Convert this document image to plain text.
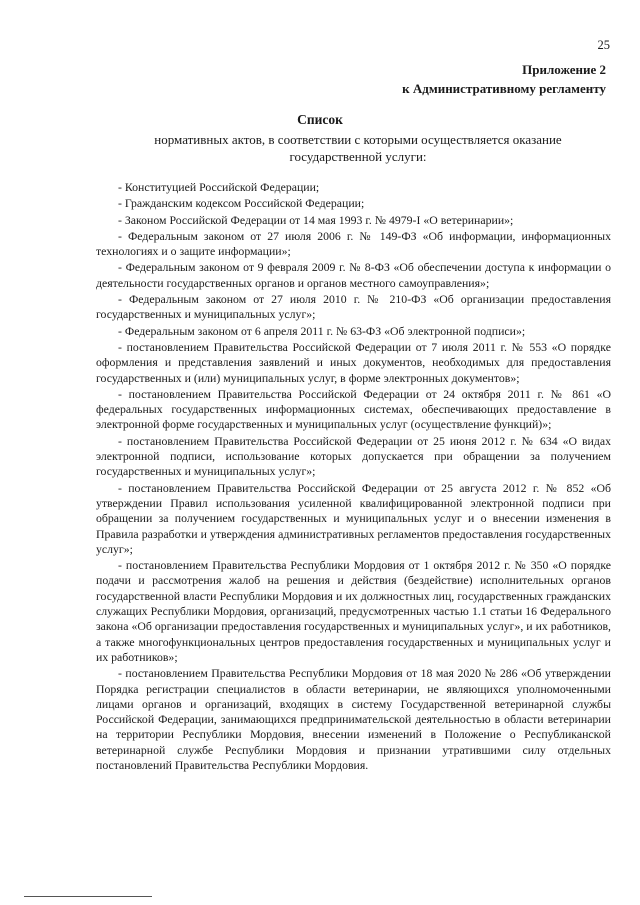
25
Приложение 2
к Административному регламенту
Список
нормативных актов, в соответствии с которыми осуществляется оказание государственной услуги:

- Конституцией Российской Федерации;

- Гражданским кодексом Российской Федерации;

- Законом Российской Федерации от 14 мая 1993 г. № 4979-I «О ветеринарии»;

- Федеральным законом от 27 июля 2006 г. № 149-ФЗ «Об информации, информационных технологиях и о защите информации»;

- Федеральным законом от 9 февраля 2009 г. № 8-ФЗ «Об обеспечении доступа к информации о деятельности государственных органов и органов местного самоуправления»;

- Федеральным законом от 27 июля 2010 г. № 210-ФЗ «Об организации предоставления государственных и муниципальных услуг»;

- Федеральным законом от 6 апреля 2011 г. № 63-ФЗ «Об электронной подписи»;

- постановлением Правительства Российской Федерации от 7 июля 2011 г. № 553 «О порядке оформления и представления заявлений и иных документов, необходимых для предоставления государственных и (или) муниципальных услуг, в форме электронных документов»;

- постановлением Правительства Российской Федерации от 24 октября 2011 г. № 861 «О федеральных государственных информационных системах, обеспечивающих предоставление в электронной форме государственных и муниципальных услуг (осуществление функций)»;

- постановлением Правительства Российской Федерации от 25 июня 2012 г. № 634 «О видах электронной подписи, использование которых допускается при обращении за получением государственных и муниципальных услуг»;

- постановлением Правительства Российской Федерации от 25 августа 2012 г. № 852 «Об утверждении Правил использования усиленной квалифицированной электронной подписи при обращении за получением государственных и муниципальных услуг и о внесении изменения в Правила разработки и утверждения административных регламентов предоставления государственных услуг»;

- постановлением Правительства Республики Мордовия от 1 октября 2012 г. № 350 «О порядке подачи и рассмотрения жалоб на решения и действия (бездействие) исполнительных органов государственной власти Республики Мордовия и их должностных лиц, государственных гражданских служащих Республики Мордовия, организаций, предусмотренных частью 1.1 статьи 16 Федерального закона «Об организации предоставления государственных и муниципальных услуг», и их работников, а также многофункциональных центров предоставления государственных и муниципальных услуг и их работников»;

- постановлением Правительства Республики Мордовия от 18 мая 2020 № 286 «Об утверждении Порядка регистрации специалистов в области ветеринарии, не являющихся уполномоченными лицами органов и организаций, входящих в систему Государственной ветеринарной службы Российской Федерации, занимающихся предпринимательской деятельностью в области ветеринарии на территории Республики Мордовия, внесении изменений в Положение о Республиканской ветеринарной службе Республики Мордовия и признании утратившими силу отдельных постановлений Правительства Республики Мордовия.
